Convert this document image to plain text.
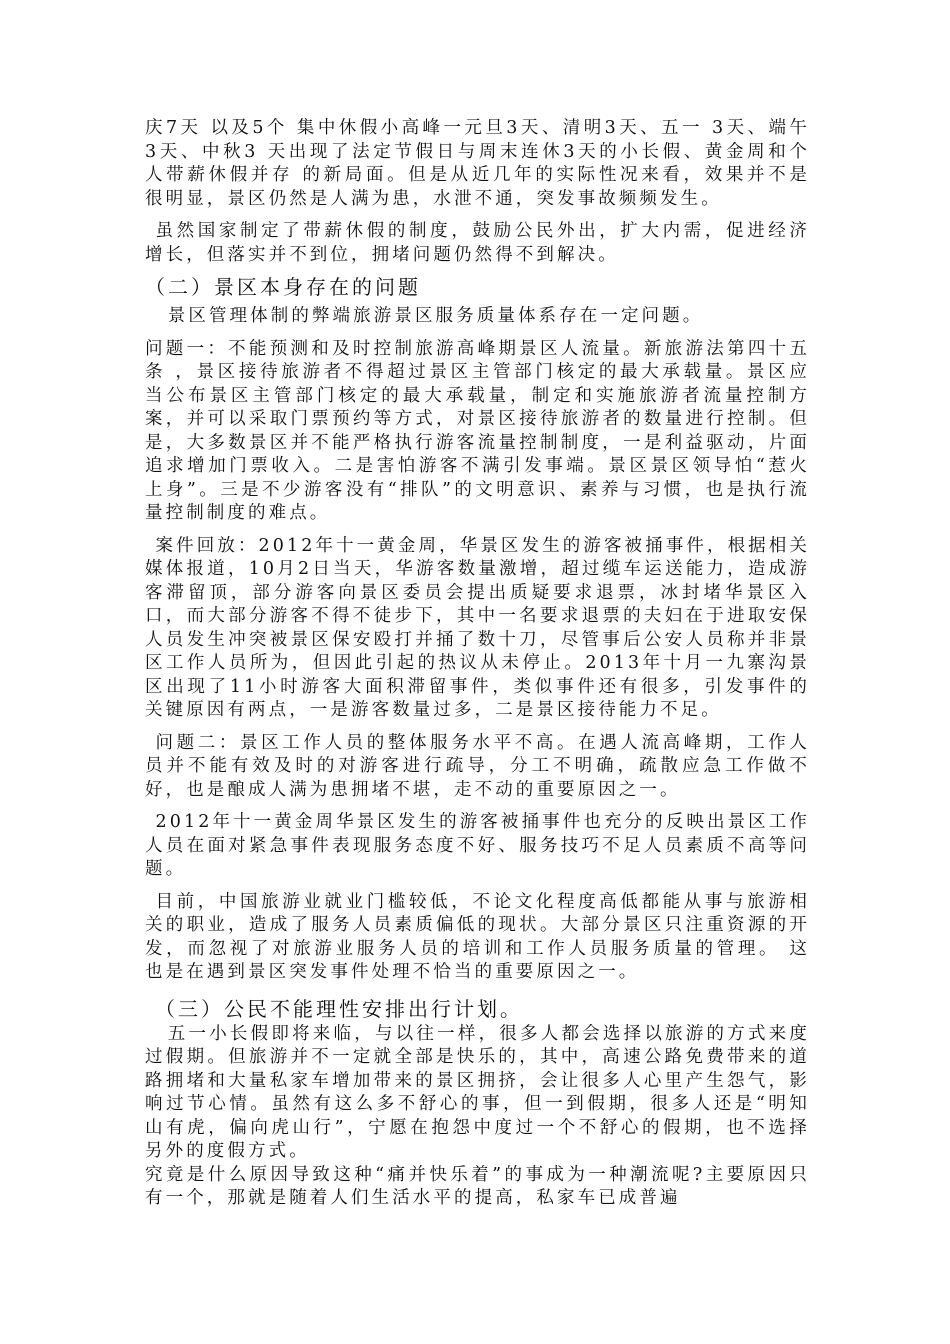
庆7天 以及5个 集中休假小高峰一元旦3天、清明3天、五一 3天、端午3天、中秋3 天出现了法定节假日与周末连休3天的小长假、黄金周和个人带薪休假并存 的新局面。但是从近几年的实际性况来看，效果并不是很明显，景区仍然是人满为患，水泄不通，突发事故频频发生。

虽然国家制定了带薪休假的制度，鼓励公民外出，扩大内需，促进经济增长，但落实并不到位，拥堵问题仍然得不到解决。

（二）景区本身存在的问题

景区管理体制的弊端旅游景区服务质量体系存在一定问题。

问题一：不能预测和及时控制旅游高峰期景区人流量。新旅游法第四十五条 ，景区接待旅游者不得超过景区主管部门核定的最大承载量。景区应当公布景区主管部门核定的最大承载量，制定和实施旅游者流量控制方案，并可以采取门票预约等方式，对景区接待旅游者的数量进行控制。但是，大多数景区并不能严格执行游客流量控制制度，一是利益驱动，片面追求增加门票收入。二是害怕游客不满引发事端。景区景区领导怕“惹火上身”。三是不少游客没有“排队”的文明意识、素养与习惯，也是执行流量控制制度的难点。

案件回放：2012年十一黄金周，华景区发生的游客被捅事件，根据相关媒体报道，10月2日当天，华游客数量激增，超过缆车运送能力，造成游客滞留顶，部分游客向景区委员会提出质疑要求退票，冰封堵华景区入口，而大部分游客不得不徒步下，其中一名要求退票的夫妇在于进取安保人员发生冲突被景区保安殴打并捅了数十刀，尽管事后公安人员称并非景区工作人员所为，但因此引起的热议从未停止。2013年十月一九寨沟景区出现了11小时游客大面积滞留事件，类似事件还有很多，引发事件的关键原因有两点，一是游客数量过多，二是景区接待能力不足。

问题二：景区工作人员的整体服务水平不高。在遇人流高峰期，工作人员并不能有效及时的对游客进行疏导，分工不明确，疏散应急工作做不好，也是酿成人满为患拥堵不堪，走不动的重要原因之一。

2012年十一黄金周华景区发生的游客被捅事件也充分的反映出景区工作人员在面对紧急事件表现服务态度不好、服务技巧不足人员素质不高等问题。

目前，中国旅游业就业门槛较低，不论文化程度高低都能从事与旅游相关的职业，造成了服务人员素质偏低的现状。大部分景区只注重资源的开发，而忽视了对旅游业服务人员的培训和工作人员服务质量的管理。 这也是在遇到景区突发事件处理不恰当的重要原因之一。

（三）公民不能理性安排出行计划。

五一小长假即将来临，与以往一样，很多人都会选择以旅游的方式来度过假期。但旅游并不一定就全部是快乐的，其中，高速公路免费带来的道路拥堵和大量私家车增加带来的景区拥挤，会让很多人心里产生怨气，影响过节心情。虽然有这么多不舒心的事，但一到假期，很多人还是“明知山有虎，偏向虎山行”，宁愿在抱怨中度过一个不舒心的假期，也不选择另外的度假方式。

究竟是什么原因导致这种“痛并快乐着”的事成为一种潮流呢?主要原因只有一个，那就是随着人们生活水平的提高，私家车已成普遍
